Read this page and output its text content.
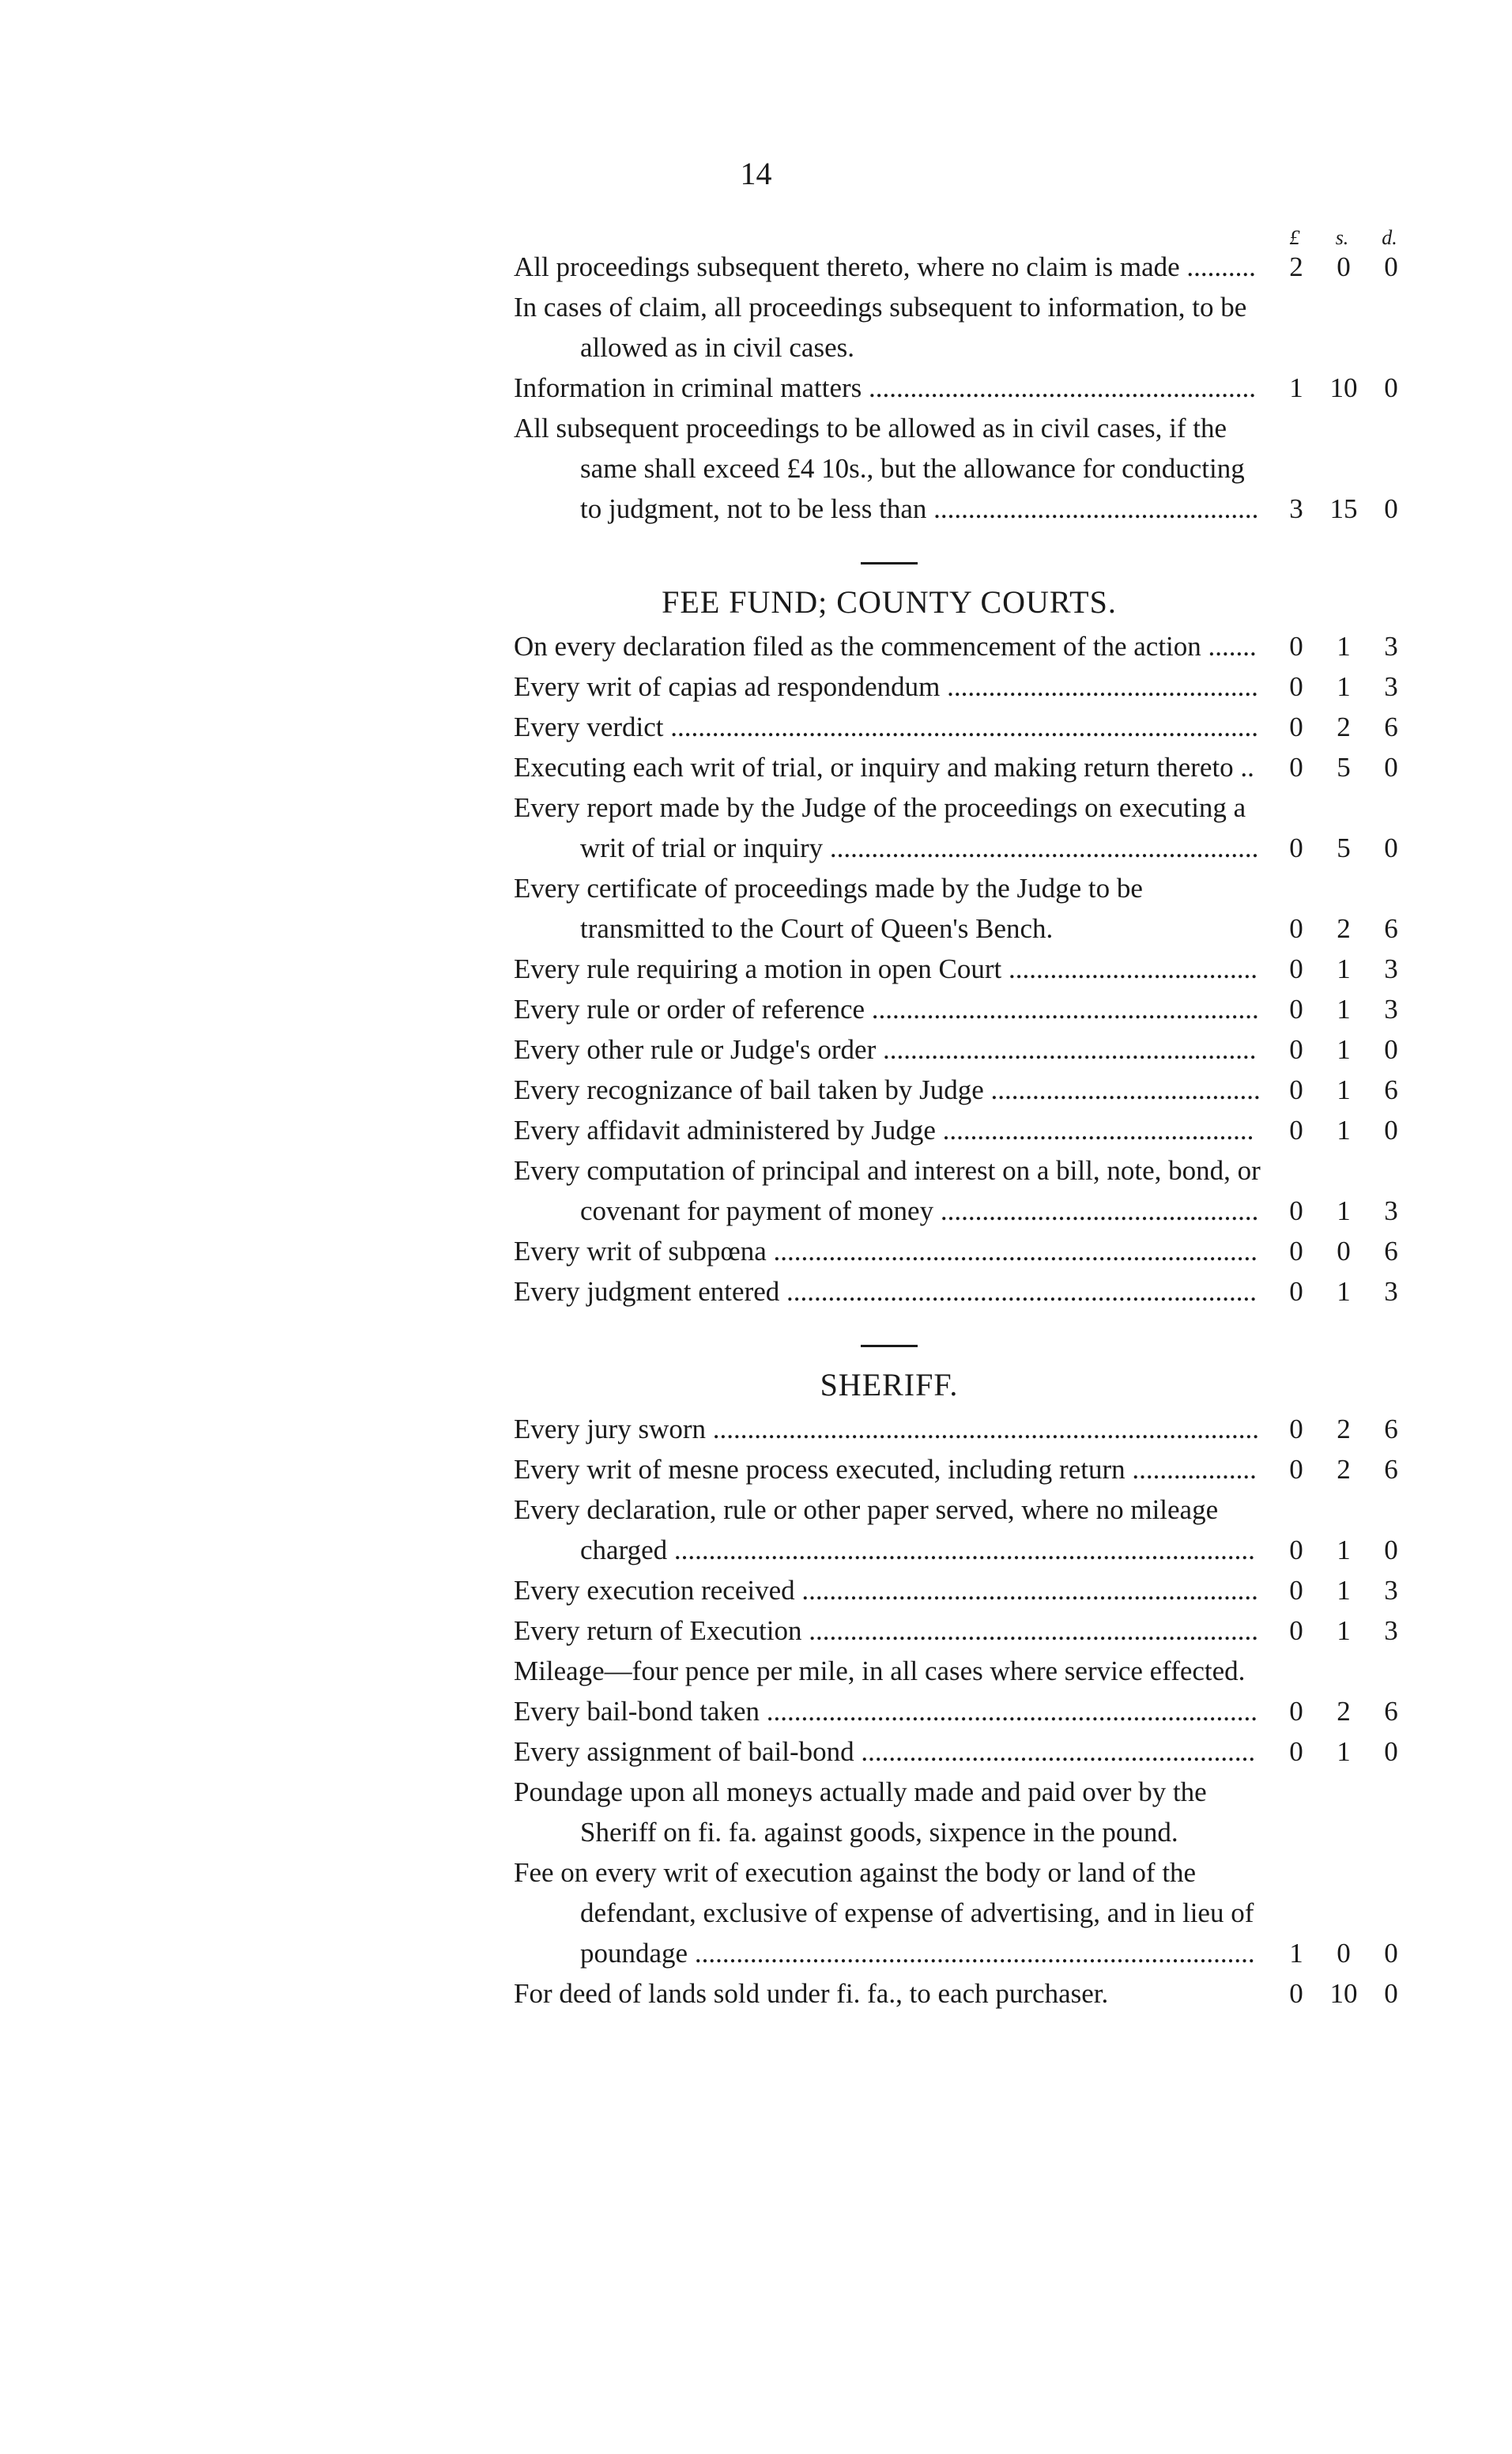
14
£	s.	d.
All proceedings subsequent thereto, where no claim is made ..........	2	0	0
In cases of claim, all proceedings subsequent to information, to be allowed as in civil cases.
Information in criminal matters ........................................................	1 10 0
All subsequent proceedings to be allowed as in civil cases, if the same shall exceed £4 10s., but the allowance for conducting to judgment, not to be less than ...............................................	3 15 0
FEE FUND; COUNTY COURTS.
On every declaration filed as the commencement of the action .......	0	1	3
Every writ of capias ad respondendum .............................................	0	1	3
Every verdict .....................................................................................	0	2	6
Executing each writ of trial, or inquiry and making return thereto ..	0	5	0
Every report made by the Judge of the proceedings on executing a writ of trial or inquiry ..............................................................	0	5	0
Every certificate of proceedings made by the Judge to be transmitted to the Court of Queen's Bench.	0	2	6
Every rule requiring a motion in open Court ....................................	0	1	3
Every rule or order of reference ........................................................	0	1	3
Every other rule or Judge's order ......................................................	0	1	0
Every recognizance of bail taken by Judge .......................................	0	1	6
Every affidavit administered by Judge .............................................	0	1	0
Every computation of principal and interest on a bill, note, bond, or covenant for payment of money ..............................................	0	1	3
Every writ of subpœna ......................................................................	0	0	6
Every judgment entered ....................................................................	0	1	3
SHERIFF.
Every jury sworn ...............................................................................	0	2	6
Every writ of mesne process executed, including return ..................	0	2	6
Every declaration, rule or other paper served, where no mileage charged ....................................................................................	0	1	0
Every execution received ..................................................................	0	1	3
Every return of Execution .................................................................	0	1	3
Mileage—four pence per mile, in all cases where service effected.
Every bail-bond taken .......................................................................	0	2	6
Every assignment of bail-bond .........................................................	0	1	0
Poundage upon all moneys actually made and paid over by the Sheriff on fi. fa. against goods, sixpence in the pound.
Fee on every writ of execution against the body or land of the defendant, exclusive of expense of advertising, and in lieu of poundage .................................................................................	1	0	0
For deed of lands sold under fi. fa., to each purchaser.	0 10 0
